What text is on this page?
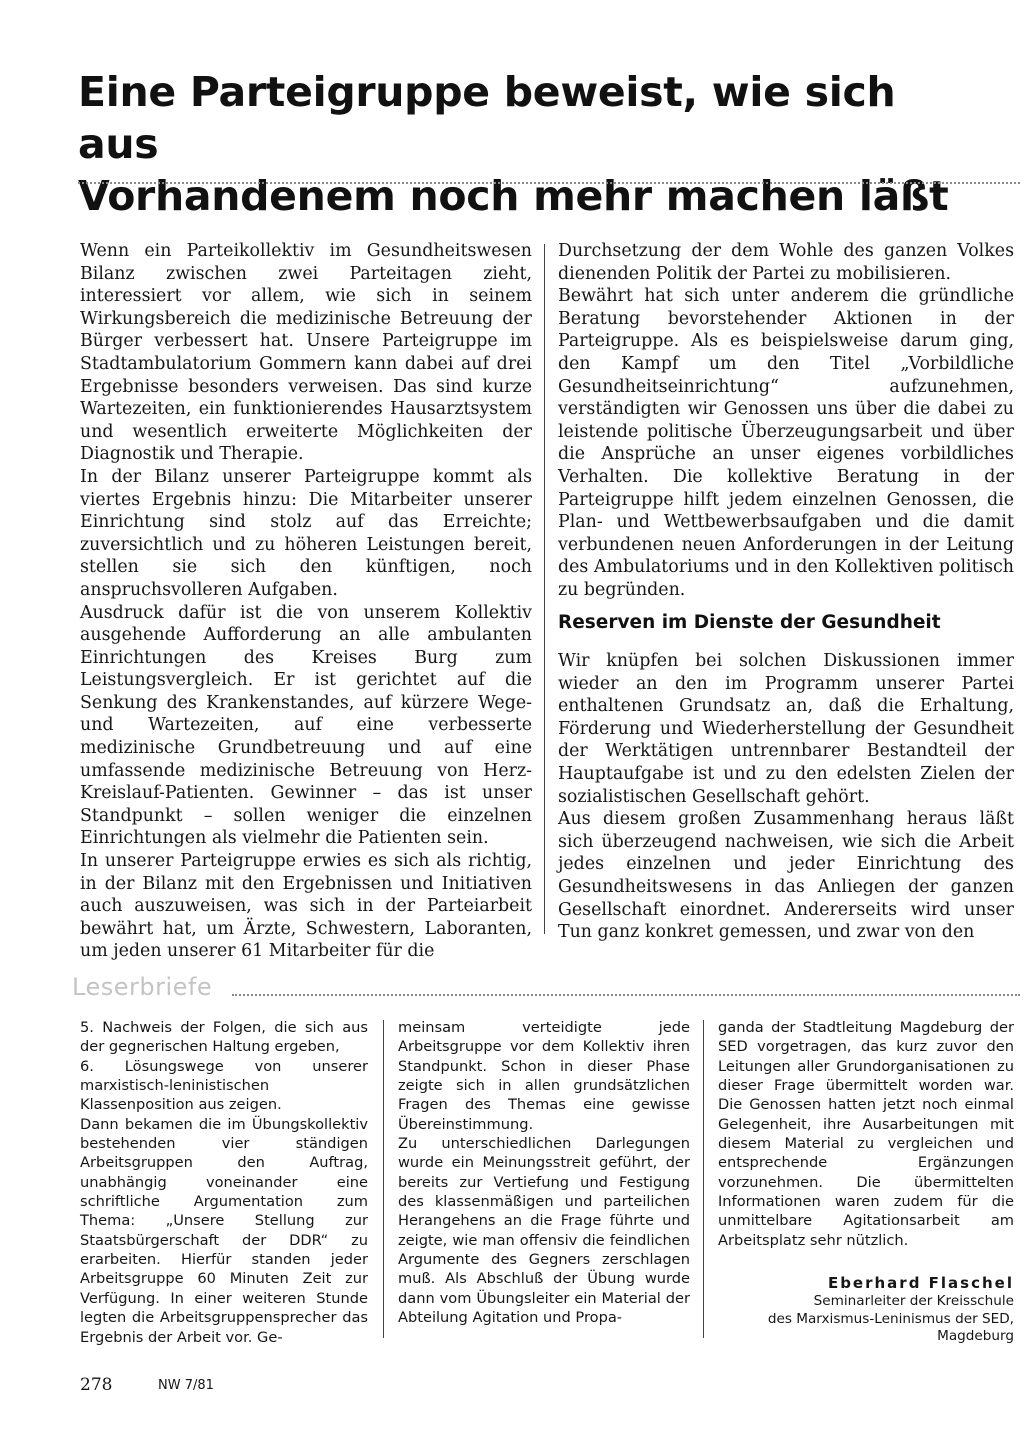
Eine Parteigruppe beweist, wie sich aus
Vorhandenem noch mehr machen läßt

Wenn ein Parteikollektiv im Gesundheitswesen Bilanz zwischen zwei Parteitagen zieht, interessiert vor allem, wie sich in seinem Wirkungsbereich die medizinische Betreuung der Bürger verbessert hat. Unsere Parteigruppe im Stadtambulatorium Gommern kann dabei auf drei Ergebnisse besonders verweisen. Das sind kurze Wartezeiten, ein funktionierendes Hausarztsystem und wesentlich erweiterte Möglichkeiten der Diagnostik und Therapie.

In der Bilanz unserer Parteigruppe kommt als viertes Ergebnis hinzu: Die Mitarbeiter unserer Einrichtung sind stolz auf das Erreichte; zuversichtlich und zu höheren Leistungen bereit, stellen sie sich den künftigen, noch anspruchsvolleren Aufgaben.

Ausdruck dafür ist die von unserem Kollektiv ausgehende Aufforderung an alle ambulanten Einrichtungen des Kreises Burg zum Leistungsvergleich. Er ist gerichtet auf die Senkung des Krankenstandes, auf kürzere Wege- und Wartezeiten, auf eine verbesserte medizinische Grundbetreuung und auf eine umfassende medizinische Betreuung von Herz-Kreislauf-Patienten. Gewinner – das ist unser Standpunkt – sollen weniger die einzelnen Einrichtungen als vielmehr die Patienten sein.

In unserer Parteigruppe erwies es sich als richtig, in der Bilanz mit den Ergebnissen und Initiativen auch auszuweisen, was sich in der Parteiarbeit bewährt hat, um Ärzte, Schwestern, Laboranten, um jeden unserer 61 Mitarbeiter für die

Durchsetzung der dem Wohle des ganzen Volkes dienenden Politik der Partei zu mobilisieren.

Bewährt hat sich unter anderem die gründliche Beratung bevorstehender Aktionen in der Parteigruppe. Als es beispielsweise darum ging, den Kampf um den Titel „Vorbildliche Gesundheitseinrichtung“ aufzunehmen, verständigten wir Genossen uns über die dabei zu leistende politische Überzeugungsarbeit und über die Ansprüche an unser eigenes vorbildliches Verhalten. Die kollektive Beratung in der Parteigruppe hilft jedem einzelnen Genossen, die Plan- und Wettbewerbsaufgaben und die damit verbundenen neuen Anforderungen in der Leitung des Ambulatoriums und in den Kollektiven politisch zu begründen.

Reserven im Dienste der Gesundheit

Wir knüpfen bei solchen Diskussionen immer wieder an den im Programm unserer Partei enthaltenen Grundsatz an, daß die Erhaltung, Förderung und Wiederherstellung der Gesundheit der Werktätigen untrennbarer Bestandteil der Hauptaufgabe ist und zu den edelsten Zielen der sozialistischen Gesellschaft gehört.

Aus diesem großen Zusammenhang heraus läßt sich überzeugend nachweisen, wie sich die Arbeit jedes einzelnen und jeder Einrichtung des Gesundheitswesens in das Anliegen der ganzen Gesellschaft einordnet. Andererseits wird unser Tun ganz konkret gemessen, und zwar von den

Leserbriefe

5. Nachweis der Folgen, die sich aus der gegnerischen Haltung ergeben,

6. Lösungswege von unserer marxistisch-leninistischen Klassenposition aus zeigen.

Dann bekamen die im Übungskollektiv bestehenden vier ständigen Arbeitsgruppen den Auftrag, unabhängig voneinander eine schriftliche Argumentation zum Thema: „Unsere Stellung zur Staatsbürgerschaft der DDR“ zu erarbeiten. Hierfür standen jeder Arbeitsgruppe 60 Minuten Zeit zur Verfügung. In einer weiteren Stunde legten die Arbeitsgruppensprecher das Ergebnis der Arbeit vor. Ge-

meinsam verteidigte jede Arbeitsgruppe vor dem Kollektiv ihren Standpunkt. Schon in dieser Phase zeigte sich in allen grundsätzlichen Fragen des Themas eine gewisse Übereinstimmung.

Zu unterschiedlichen Darlegungen wurde ein Meinungsstreit geführt, der bereits zur Vertiefung und Festigung des klassenmäßigen und parteilichen Herangehens an die Frage führte und zeigte, wie man offensiv die feindlichen Argumente des Gegners zerschlagen muß. Als Abschluß der Übung wurde dann vom Übungsleiter ein Material der Abteilung Agitation und Propa-

ganda der Stadtleitung Magdeburg der SED vorgetragen, das kurz zuvor den Leitungen aller Grundorganisationen zu dieser Frage übermittelt worden war. Die Genossen hatten jetzt noch einmal Gelegenheit, ihre Ausarbeitungen mit diesem Material zu vergleichen und entsprechende Ergänzungen vorzunehmen. Die übermittelten Informationen waren zudem für die unmittelbare Agitationsarbeit am Arbeitsplatz sehr nützlich.

Eberhard Flaschel
Seminarleiter der Kreisschule
des Marxismus-Leninismus der SED,
Magdeburg
278	NW 7/81
